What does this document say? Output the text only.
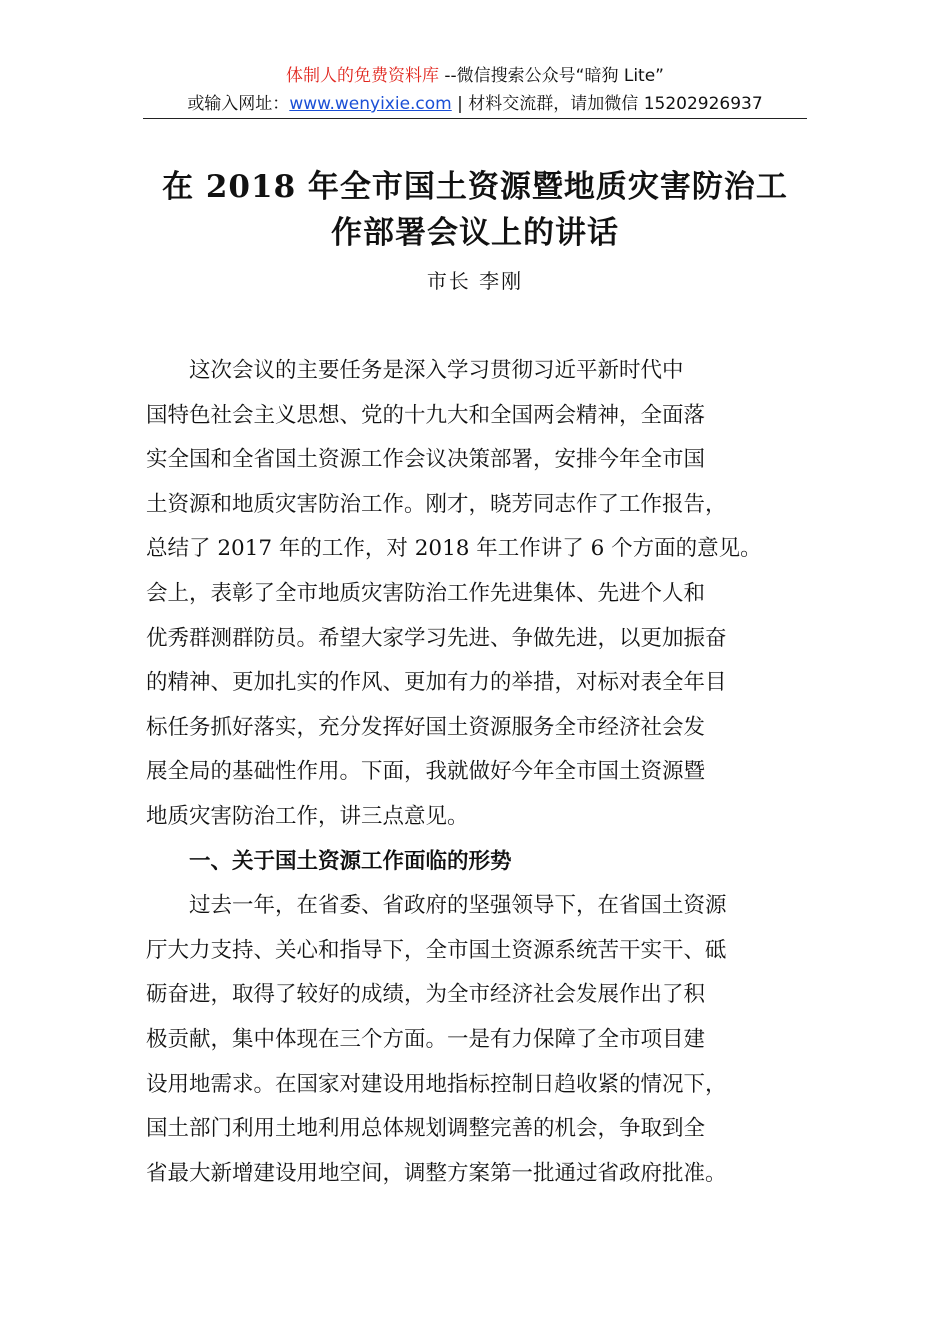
体制人的免费资料库 --微信搜索公众号“暗狗 Lite”
或输入网址：www.wenyixie.com | 材料交流群，请加微信 15202926937
在 2018 年全市国土资源暨地质灾害防治工
作部署会议上的讲话
市长 李刚
这次会议的主要任务是深入学习贯彻习近平新时代中
国特色社会主义思想、党的十九大和全国两会精神，全面落
实全国和全省国土资源工作会议决策部署，安排今年全市国
土资源和地质灾害防治工作。刚才，晓芳同志作了工作报告，
总结了 2017 年的工作，对 2018 年工作讲了 6 个方面的意见。
会上，表彰了全市地质灾害防治工作先进集体、先进个人和
优秀群测群防员。希望大家学习先进、争做先进，以更加振奋
的精神、更加扎实的作风、更加有力的举措，对标对表全年目
标任务抓好落实，充分发挥好国土资源服务全市经济社会发
展全局的基础性作用。下面，我就做好今年全市国土资源暨
地质灾害防治工作，讲三点意见。
一、关于国土资源工作面临的形势
过去一年，在省委、省政府的坚强领导下，在省国土资源
厅大力支持、关心和指导下，全市国土资源系统苦干实干、砥
砺奋进，取得了较好的成绩，为全市经济社会发展作出了积
极贡献，集中体现在三个方面。一是有力保障了全市项目建
设用地需求。在国家对建设用地指标控制日趋收紧的情况下，
国土部门利用土地利用总体规划调整完善的机会，争取到全
省最大新增建设用地空间，调整方案第一批通过省政府批准。
